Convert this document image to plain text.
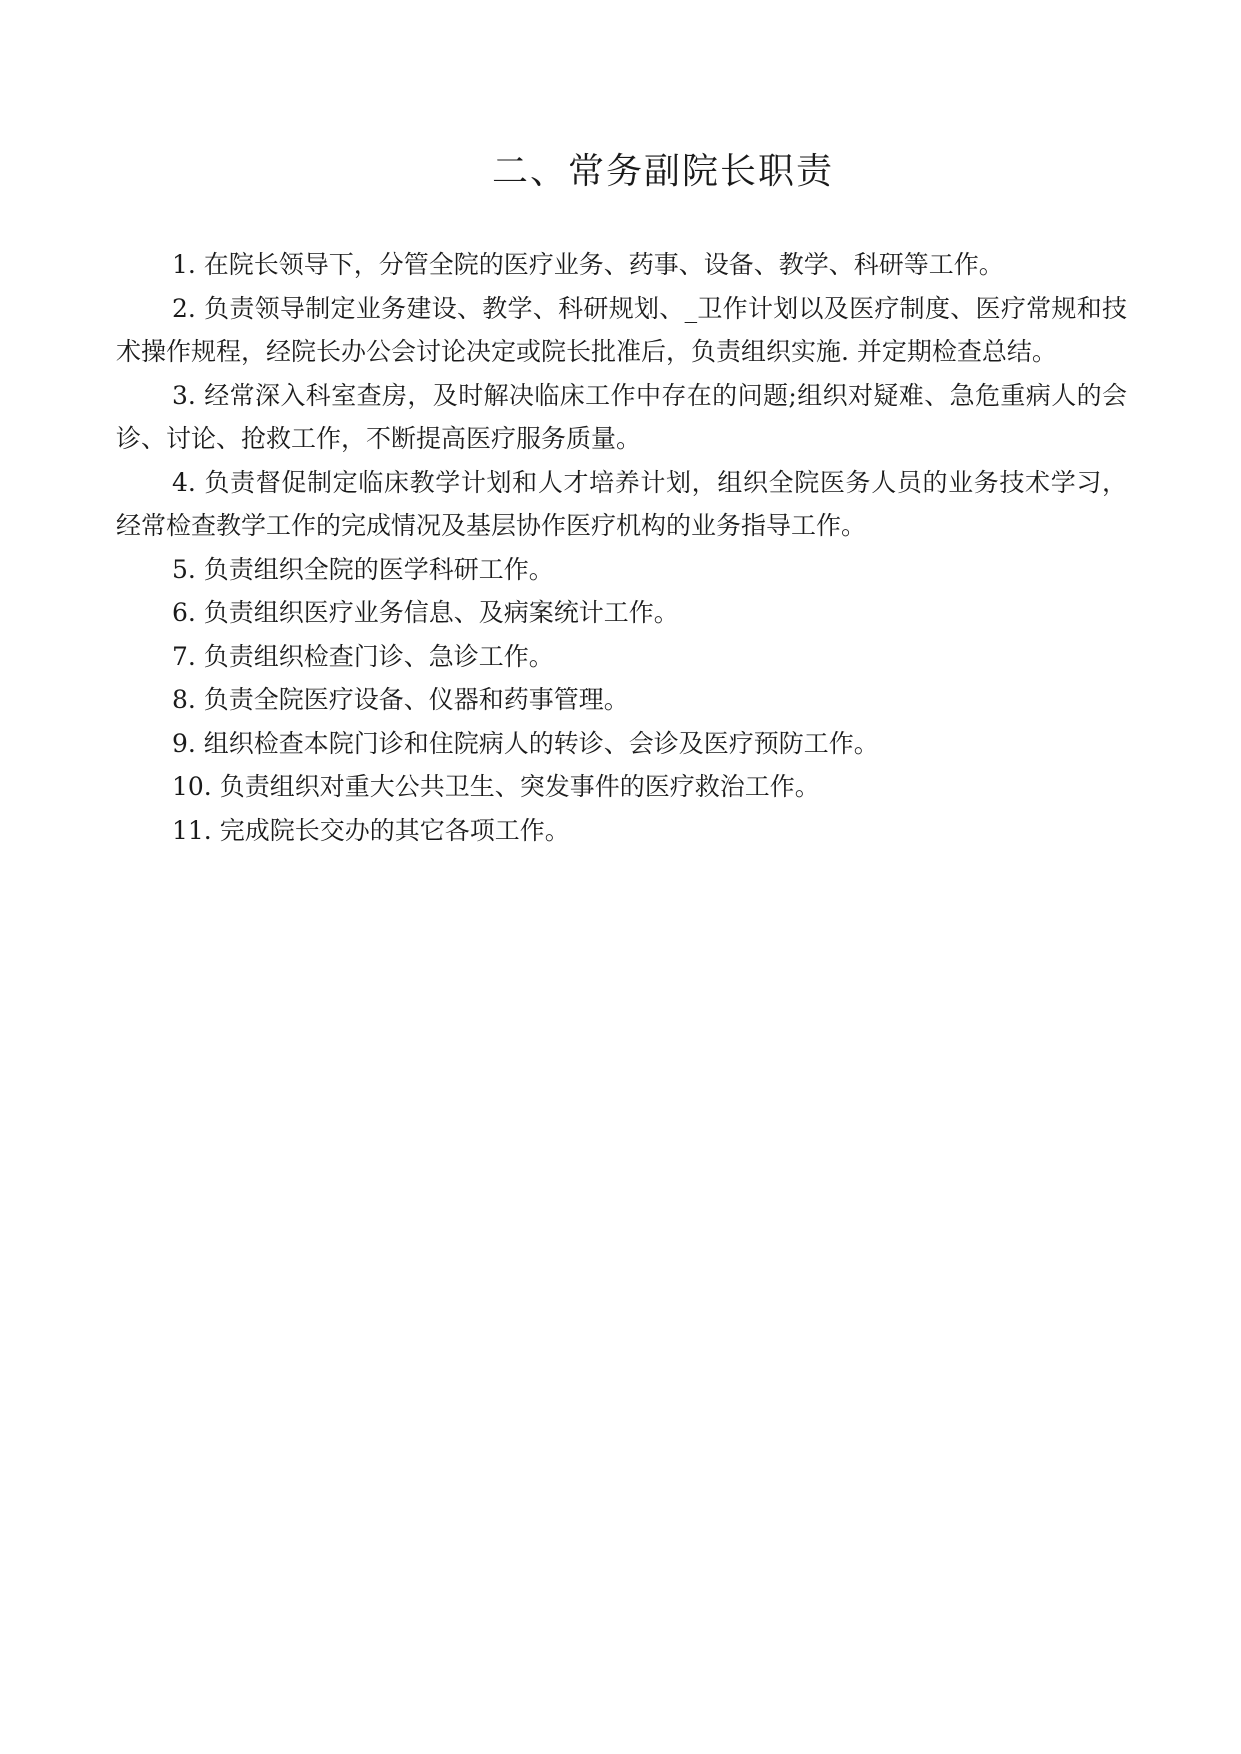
二、常务副院长职责

1. 在院长领导下，分管全院的医疗业务、药事、设备、教学、科研等工作。

2. 负责领导制定业务建设、教学、科研规划、_卫作计划以及医疗制度、医疗常规和技术操作规程，经院长办公会讨论决定或院长批准后，负责组织实施. 并定期检查总结。

3. 经常深入科室查房，及时解决临床工作中存在的问题;组织对疑难、急危重病人的会诊、讨论、抢救工作，不断提高医疗服务质量。

4. 负责督促制定临床教学计划和人才培养计划，组织全院医务人员的业务技术学习，经常检查教学工作的完成情况及基层协作医疗机构的业务指导工作。

5. 负责组织全院的医学科研工作。

6. 负责组织医疗业务信息、及病案统计工作。

7. 负责组织检查门诊、急诊工作。

8. 负责全院医疗设备、仪器和药事管理。

9. 组织检查本院门诊和住院病人的转诊、会诊及医疗预防工作。

10. 负责组织对重大公共卫生、突发事件的医疗救治工作。

11. 完成院长交办的其它各项工作。
